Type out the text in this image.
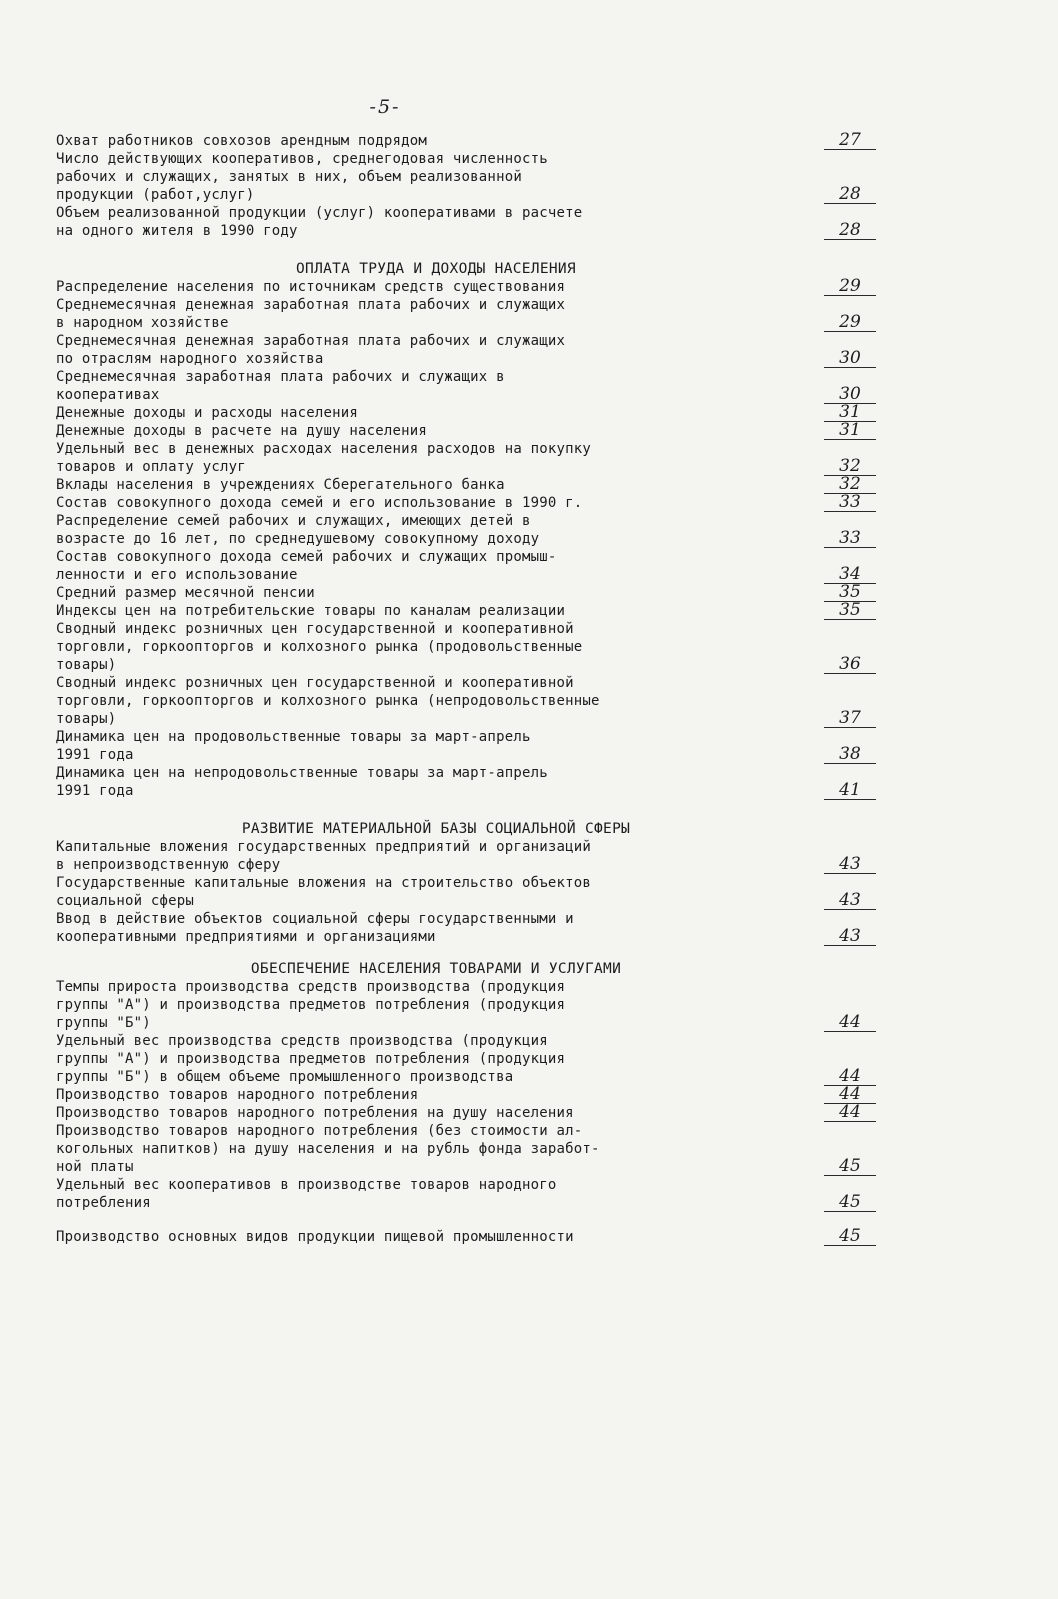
-5-
Охват работников совхозов арендным подрядом	27
Число действующих кооперативов, среднегодовая численность
рабочих и служащих, занятых в них, объем реализованной
продукции (работ,услуг)	28
Объем реализованной продукции (услуг) кооперативами в расчете
на одного жителя в 1990 году	28
ОПЛАТА ТРУДА И ДОХОДЫ НАСЕЛЕНИЯ
Распределение населения по источникам средств существования	29
Среднемесячная денежная заработная плата рабочих и служащих
в народном хозяйстве	29
Среднемесячная денежная заработная плата рабочих и служащих
по отраслям народного хозяйства	30
Среднемесячная заработная плата рабочих и служащих в
кооперативах	30
Денежные доходы и расходы населения	31
Денежные доходы в расчете на душу населения	31
Удельный вес в денежных расходах населения расходов на покупку
товаров и оплату услуг	32
Вклады населения в учреждениях Сберегательного банка	32
Состав совокупного дохода семей и его использование в 1990 г.	33
Распределение семей рабочих и служащих, имеющих детей в
возрасте до 16 лет, по среднедушевому совокупному доходу	33
Состав совокупного дохода семей рабочих и служащих промыш-
ленности и его использование	34
Средний размер месячной пенсии	35
Индексы цен на потребительские товары по каналам реализации	35
Сводный индекс розничных цен государственной и кооперативной
торговли, горкоопторгов и колхозного рынка (продовольственные
товары)	36
Сводный индекс розничных цен государственной и кооперативной
торговли, горкоопторгов и колхозного рынка (непродовольственные
товары)	37
Динамика цен на продовольственные товары за март-апрель
1991 года	38
Динамика цен на непродовольственные товары за март-апрель
1991 года	41
РАЗВИТИЕ МАТЕРИАЛЬНОЙ БАЗЫ СОЦИАЛЬНОЙ СФЕРЫ
Капитальные вложения государственных предприятий и организаций
в непроизводственную сферу	43
Государственные капитальные вложения на строительство объектов
социальной сферы	43
Ввод в действие объектов социальной сферы государственными и
кооперативными предприятиями и организациями	43
ОБЕСПЕЧЕНИЕ НАСЕЛЕНИЯ ТОВАРАМИ И УСЛУГАМИ
Темпы прироста производства средств производства (продукция
группы "А") и производства предметов потребления (продукция
группы "Б")	44
Удельный вес производства средств производства (продукция
группы "А") и производства предметов потребления (продукция
группы "Б") в общем объеме промышленного производства	44
Производство товаров народного потребления	44
Производство товаров народного потребления на душу населения	44
Производство товаров народного потребления (без стоимости ал-
когольных напитков) на душу населения и на рубль фонда заработ-
ной платы	45
Удельный вес кооперативов в производстве товаров народного
потребления	45
Производство основных видов продукции пищевой промышленности	45
